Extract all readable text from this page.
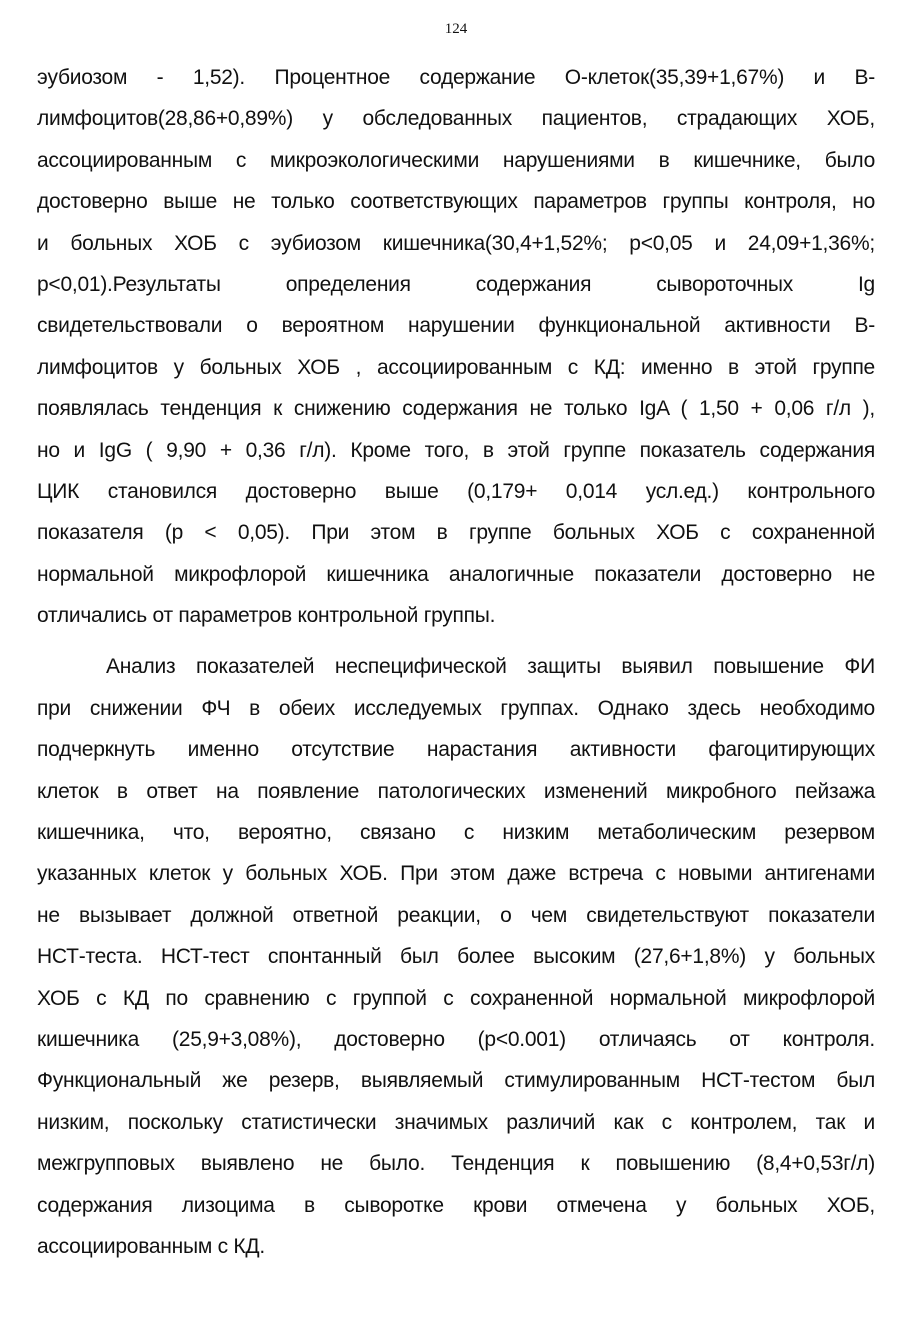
124
эубиозом - 1,52). Процентное содержание О-клеток(35,39+1,67%) и В-
лимфоцитов(28,86+0,89%) у обследованных пациентов, страдающих ХОБ,
ассоциированным с микроэкологическими нарушениями в кишечнике, было
достоверно выше не только соответствующих параметров группы контроля, но
и больных ХОБ с эубиозом кишечника(30,4+1,52%; р<0,05 и 24,09+1,36%;
р<0,01).Результаты определения содержания сывороточных Ig
свидетельствовали о вероятном нарушении функциональной активности В-
лимфоцитов у больных ХОБ , ассоциированным с КД: именно в этой группе
появлялась тенденция к снижению содержания не только IgA ( 1,50 + 0,06 г/л ),
но и IgG ( 9,90 + 0,36 г/л). Кроме того, в этой группе показатель содержания
ЦИК становился достоверно выше (0,179+ 0,014 усл.ед.) контрольного
показателя (р < 0,05). При этом в группе больных ХОБ с сохраненной
нормальной микрофлорой кишечника аналогичные показатели достоверно не
отличались от параметров контрольной группы.
Анализ показателей неспецифической защиты выявил повышение ФИ
при снижении ФЧ в обеих исследуемых группах. Однако здесь необходимо
подчеркнуть именно отсутствие нарастания активности фагоцитирующих
клеток в ответ на появление патологических изменений микробного пейзажа
кишечника, что, вероятно, связано с низким метаболическим резервом
указанных клеток у больных ХОБ. При этом даже встреча с новыми антигенами
не вызывает должной ответной реакции, о чем свидетельствуют показатели
НСТ-теста. НСТ-тест спонтанный был более высоким (27,6+1,8%) у больных
ХОБ с КД по сравнению с группой с сохраненной нормальной микрофлорой
кишечника (25,9+3,08%), достоверно (р<0.001) отличаясь от контроля.
Функциональный же резерв, выявляемый стимулированным НСТ-тестом был
низким, поскольку статистически значимых различий как с контролем, так и
межгрупповых выявлено не было. Тенденция к повышению (8,4+0,53г/л)
содержания лизоцима в сыворотке крови отмечена у больных ХОБ,
ассоциированным с КД.
